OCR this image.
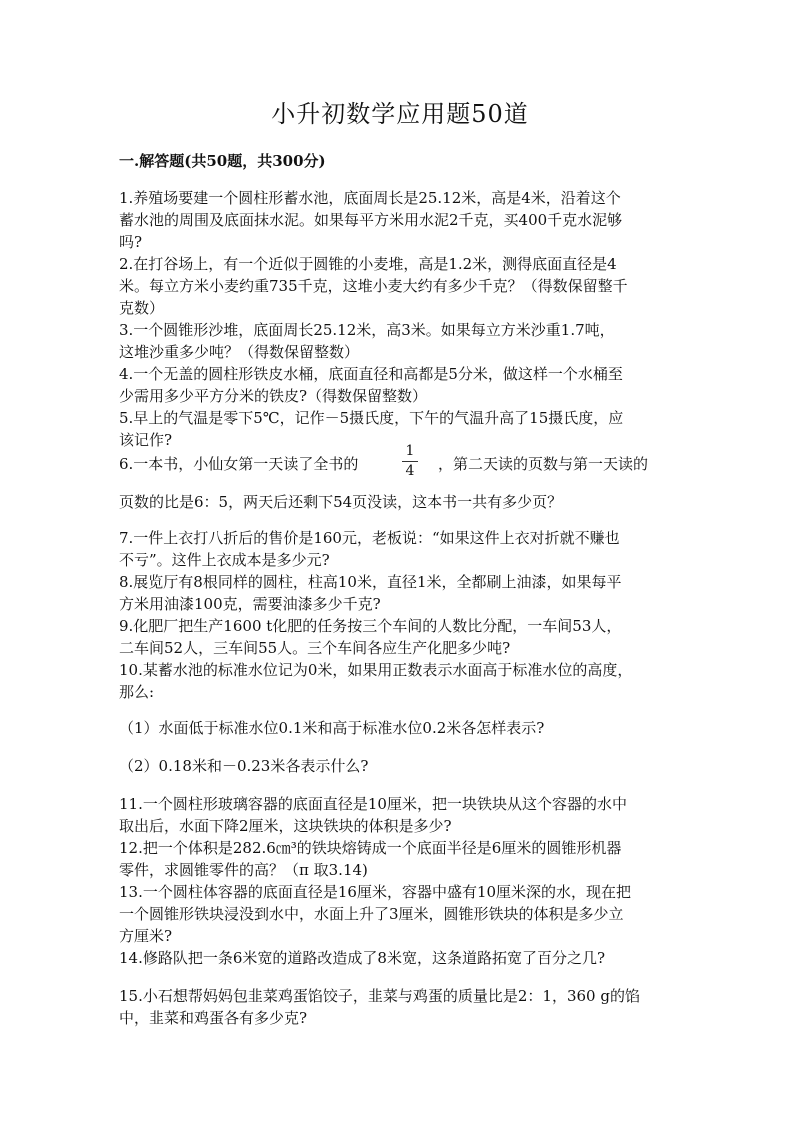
小升初数学应用题50道
一.解答题(共50题，共300分)
1.养殖场要建一个圆柱形蓄水池，底面周长是25.12米，高是4米，沿着这个
蓄水池的周围及底面抹水泥。如果每平方米用水泥2千克，买400千克水泥够
吗?
2.在打谷场上，有一个近似于圆锥的小麦堆，高是1.2米，测得底面直径是4
米。每立方米小麦约重735千克，这堆小麦大约有多少千克？（得数保留整千
克数）
3.一个圆锥形沙堆，底面周长25.12米，高3米。如果每立方米沙重1.7吨，
这堆沙重多少吨？（得数保留整数）
4.一个无盖的圆柱形铁皮水桶，底面直径和高都是5分米，做这样一个水桶至
少需用多少平方分米的铁皮?（得数保留整数）
5.早上的气温是零下5℃，记作－5摄氏度，下午的气温升高了15摄氏度，应
该记作?
6.一本书，小仙女第一天读了全书的
1
4	，第二天读的页数与第一天读的
页数的比是6：5，两天后还剩下54页没读，这本书一共有多少页？
7.一件上衣打八折后的售价是160元，老板说：“如果这件上衣对折就不赚也
不亏”。这件上衣成本是多少元?
8.展览厅有8根同样的圆柱，柱高10米，直径1米，全都刷上油漆，如果每平
方米用油漆100克，需要油漆多少千克?
9.化肥厂把生产1600 t化肥的任务按三个车间的人数比分配，一车间53人，
二车间52人，三车间55人。三个车间各应生产化肥多少吨?
10.某蓄水池的标准水位记为0米，如果用正数表示水面高于标准水位的高度，
那么:
（1）水面低于标准水位0.1米和高于标准水位0.2米各怎样表示?
（2）0.18米和－0.23米各表示什么?
11.一个圆柱形玻璃容器的底面直径是10厘米，把一块铁块从这个容器的水中
取出后，水面下降2厘米，这块铁块的体积是多少?
12.把一个体积是282.6㎝³的铁块熔铸成一个底面半径是6厘米的圆锥形机器
零件，求圆锥零件的高？（π 取3.14)
13.一个圆柱体容器的底面直径是16厘米，容器中盛有10厘米深的水，现在把
一个圆锥形铁块浸没到水中，水面上升了3厘米，圆锥形铁块的体积是多少立
方厘米?
14.修路队把一条6米宽的道路改造成了8米宽，这条道路拓宽了百分之几?
15.小石想帮妈妈包韭菜鸡蛋馅饺子，韭菜与鸡蛋的质量比是2：1，360 g的馅
中，韭菜和鸡蛋各有多少克?
